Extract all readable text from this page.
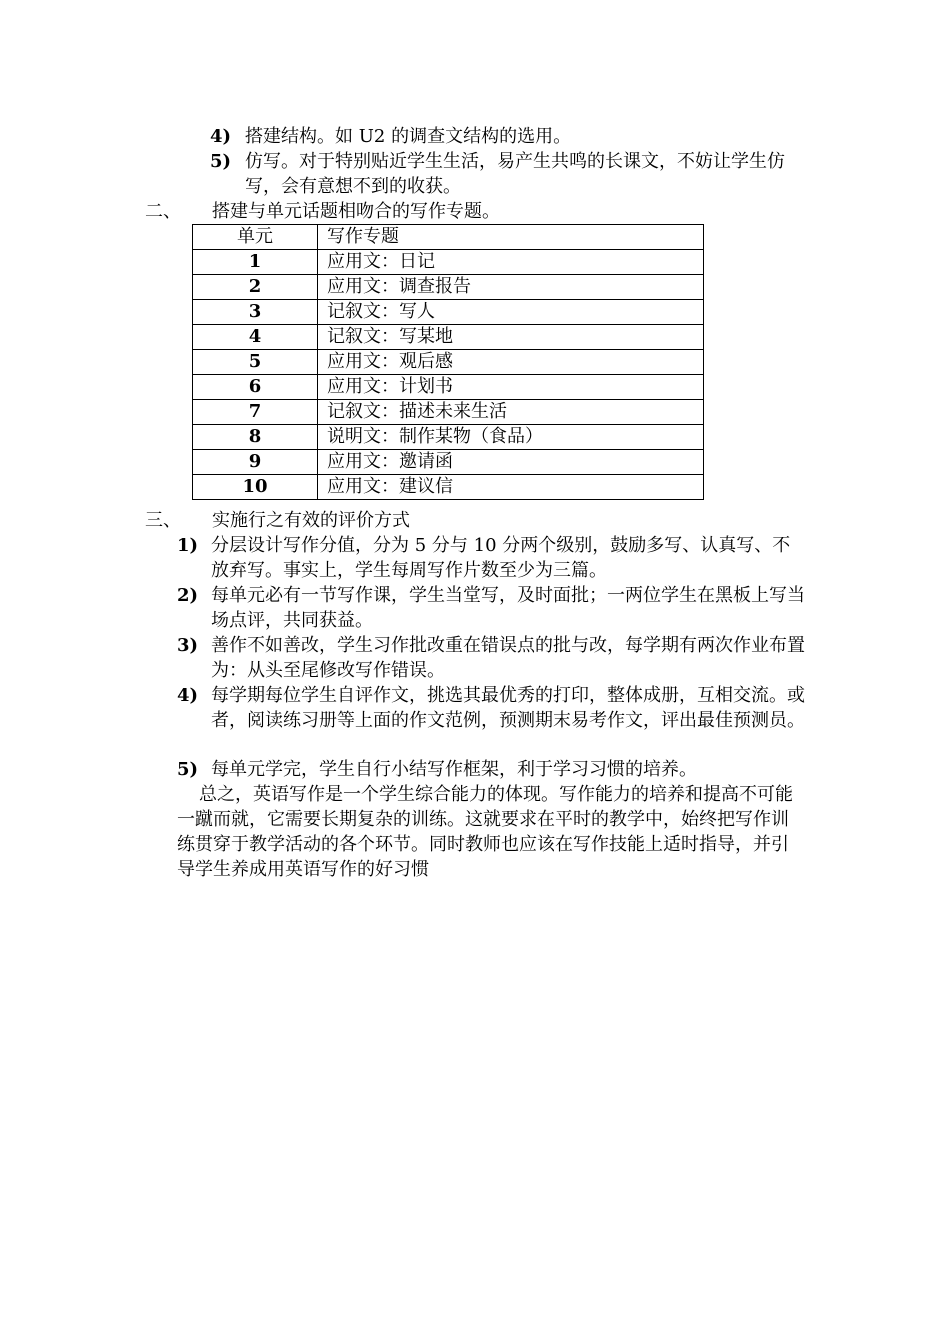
4) 搭建结构。如 U2 的调查文结构的选用。
5) 仿写。对于特别贴近学生生活，易产生共鸣的长课文，不妨让学生仿写，会有意想不到的收获。
二、	搭建与单元话题相吻合的写作专题。
单元	写作专题
1	应用文：日记
2	应用文：调查报告
3	记叙文：写人
4	记叙文：写某地
5	应用文：观后感
6	应用文：计划书
7	记叙文：描述未来生活
8	说明文：制作某物（食品）
9	应用文：邀请函
10	应用文：建议信
三、	实施行之有效的评价方式
1) 分层设计写作分值，分为 5 分与 10 分两个级别，鼓励多写、认真写、不放弃写。事实上，学生每周写作片数至少为三篇。
2) 每单元必有一节写作课，学生当堂写，及时面批；一两位学生在黑板上写当场点评，共同获益。
3) 善作不如善改，学生习作批改重在错误点的批与改，每学期有两次作业布置为：从头至尾修改写作错误。
4) 每学期每位学生自评作文，挑选其最优秀的打印，整体成册，互相交流。或者，阅读练习册等上面的作文范例，预测期末易考作文，评出最佳预测员。
5) 每单元学完，学生自行小结写作框架，利于学习习惯的培养。
总之，英语写作是一个学生综合能力的体现。写作能力的培养和提高不可能一蹴而就，它需要长期复杂的训练。这就要求在平时的教学中，始终把写作训练贯穿于教学活动的各个环节。同时教师也应该在写作技能上适时指导，并引导学生养成用英语写作的好习惯
